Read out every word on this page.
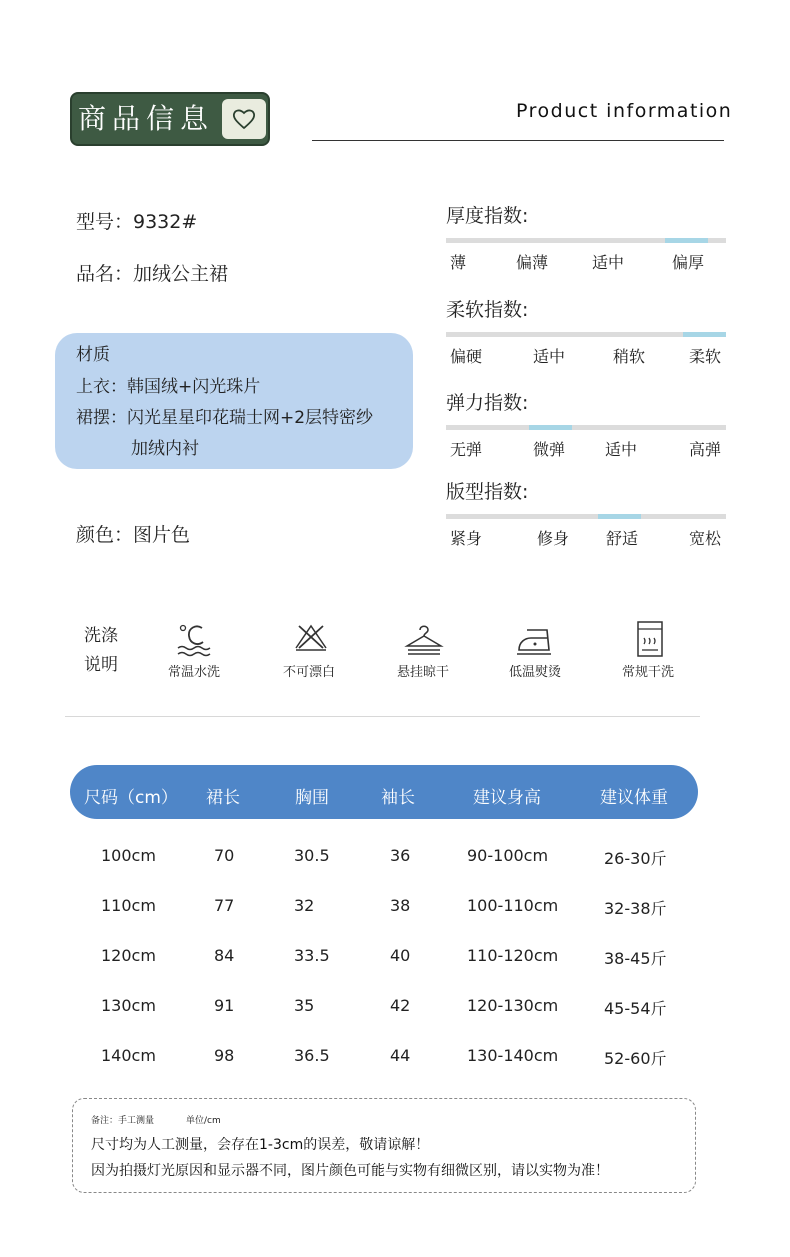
商品信息	Product information
型号：9332#
品名：加绒公主裙
材质
上衣：韩国绒+闪光珠片
裙摆：闪光星星印花瑞士网+2层特密纱
加绒内衬
颜色：图片色
厚度指数:
薄	偏薄	适中	偏厚
柔软指数:
偏硬	适中	稍软	柔软
弹力指数:
无弹	微弹 适中	高弹
版型指数:
紧身	修身 舒适	宽松
洗涤
说明	常温水洗	不可漂白	悬挂晾干	低温熨烫	常规干洗
尺码（cm） 裙长	胸围	袖长	建议身高	建议体重
100cm	70	30.5	36	90-100cm	26-30斤
110cm	77	32	38	100-110cm	32-38斤
120cm	84	33.5	40	110-120cm	38-45斤
130cm	91	35	42	120-130cm	45-54斤
140cm	98	36.5	44	130-140cm	52-60斤
备注：手工测量	单位/cm
尺寸均为人工测量，会存在1-3cm的误差，敬请谅解！
因为拍摄灯光原因和显示器不同，图片颜色可能与实物有细微区别，请以实物为准！
